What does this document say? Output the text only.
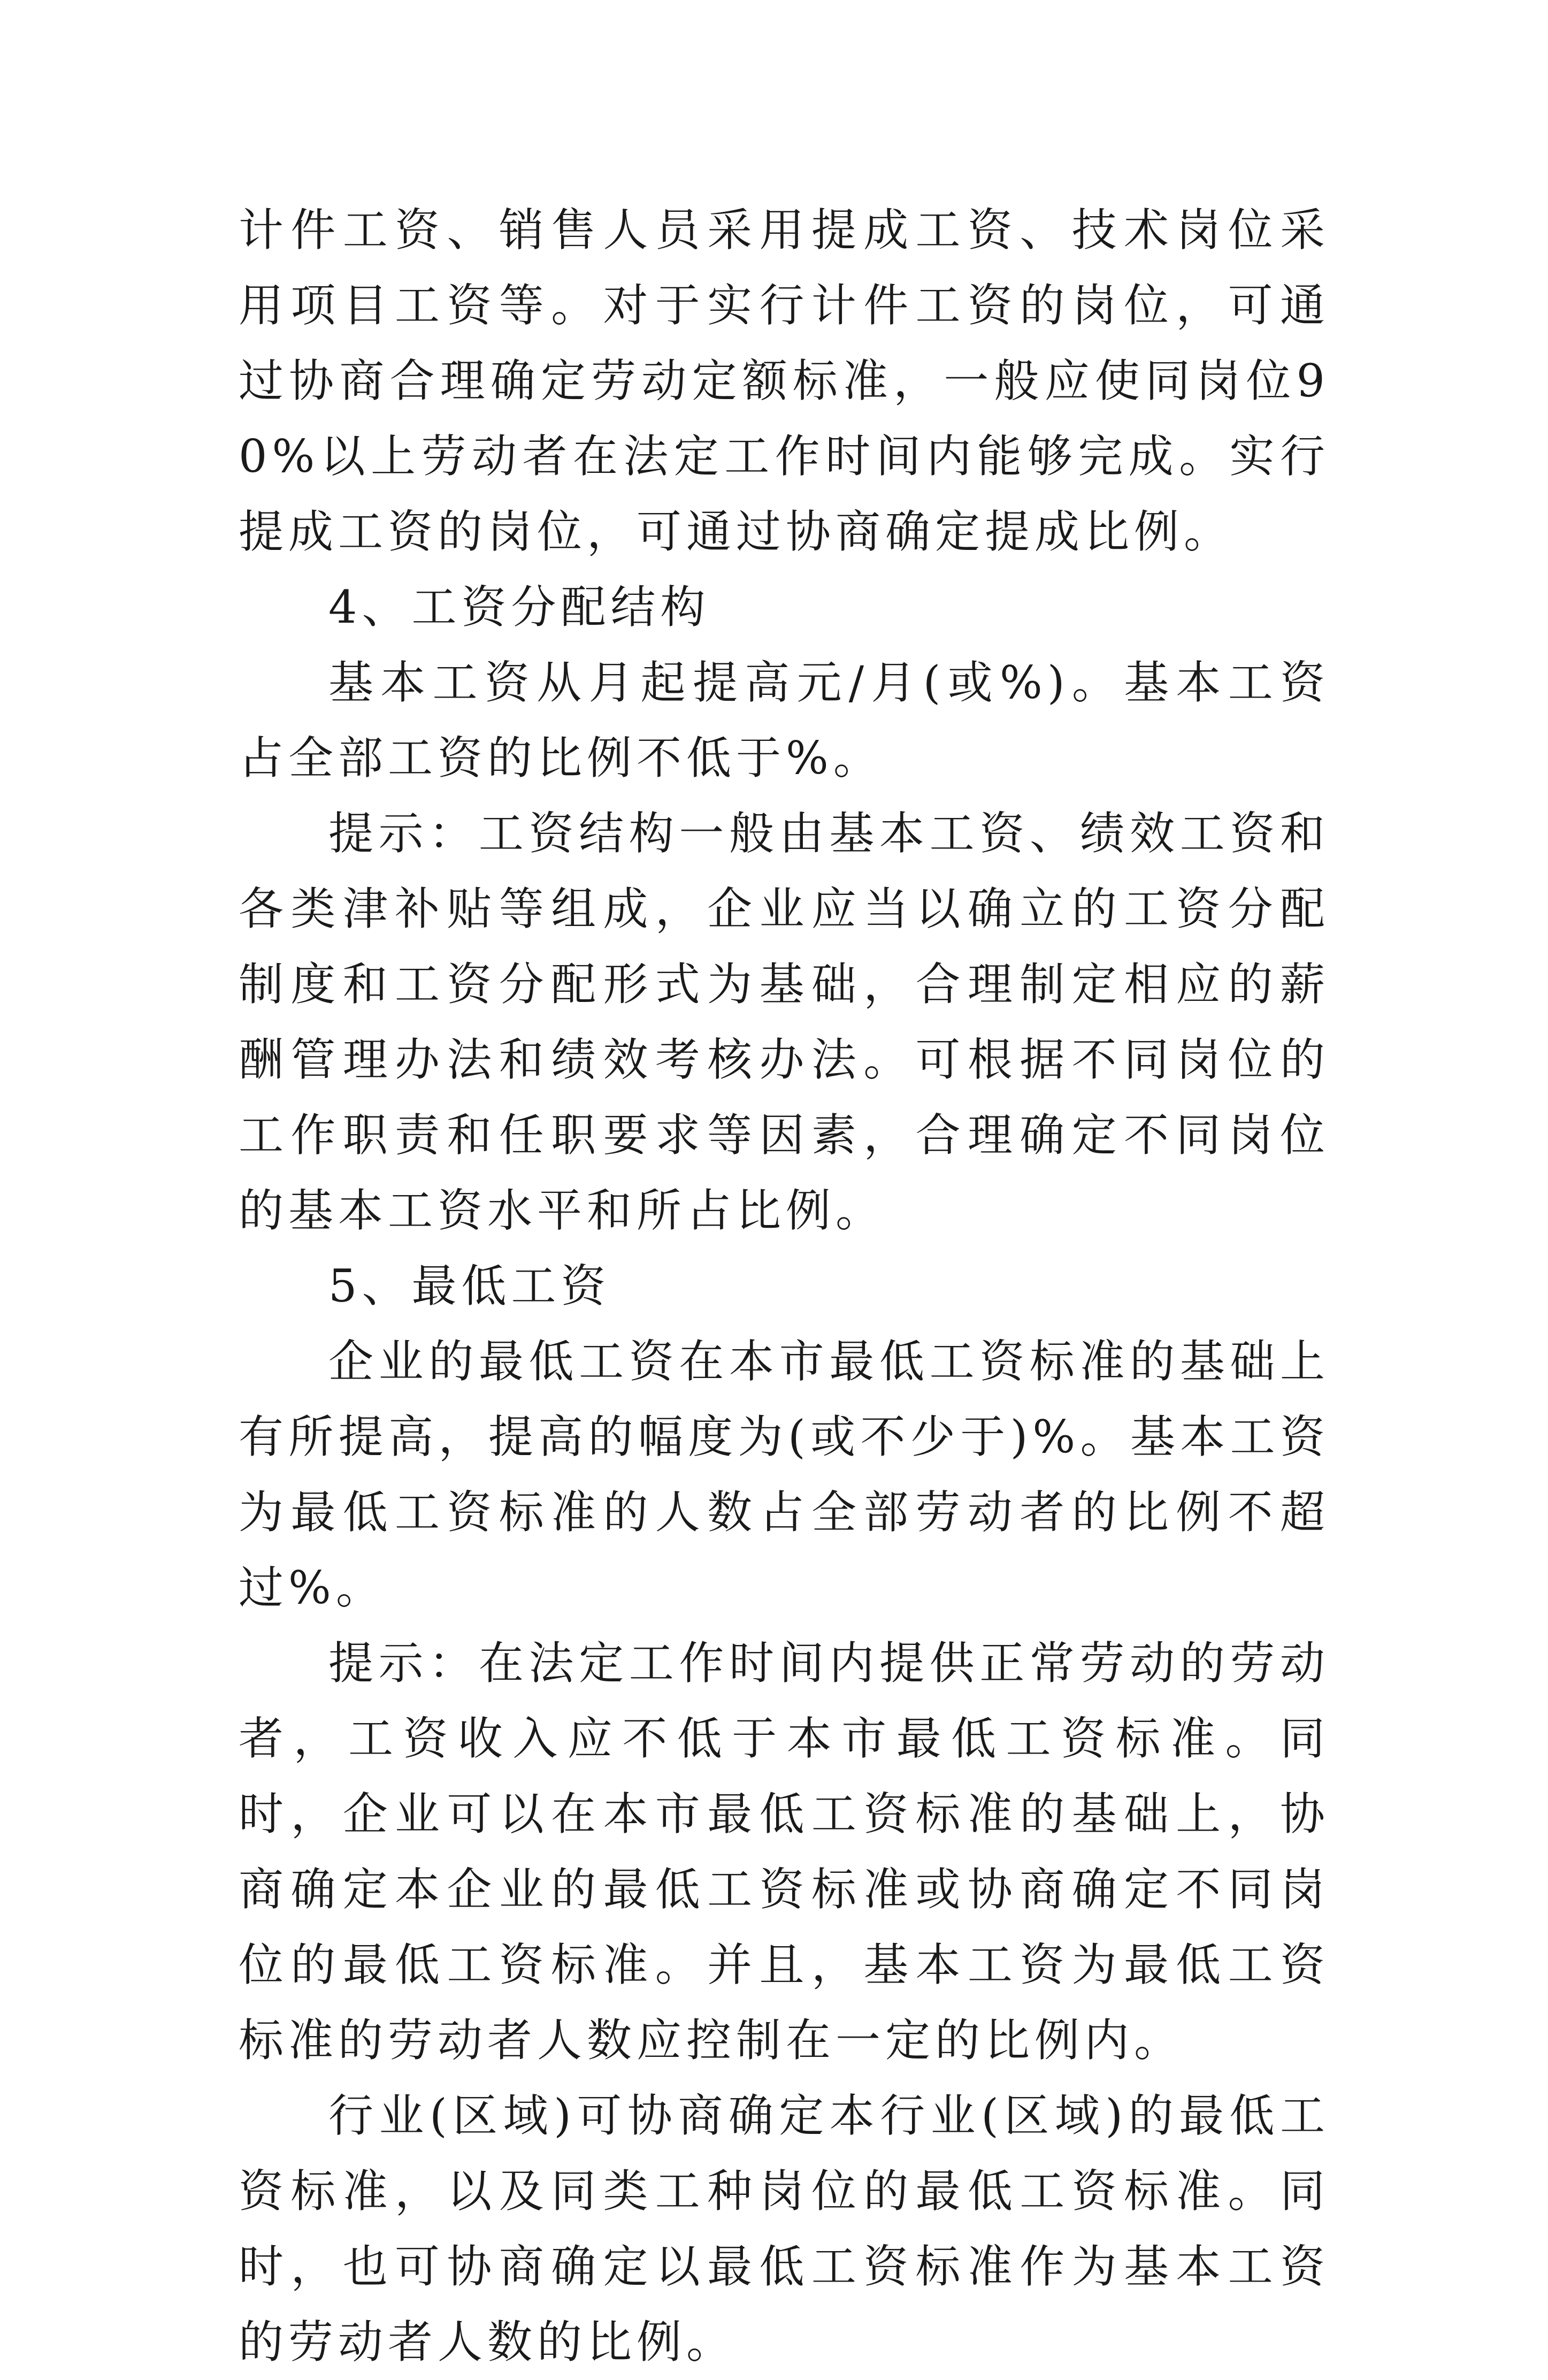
计件工资、销售人员采用提成工资、技术岗位采用项目工资等。对于实行计件工资的岗位，可通过协商合理确定劳动定额标准，一般应使同岗位90%以上劳动者在法定工作时间内能够完成。实行提成工资的岗位，可通过协商确定提成比例。

4、工资分配结构

基本工资从月起提高元/月(或%)。基本工资占全部工资的比例不低于%。

提示：工资结构一般由基本工资、绩效工资和各类津补贴等组成，企业应当以确立的工资分配制度和工资分配形式为基础，合理制定相应的薪酬管理办法和绩效考核办法。可根据不同岗位的工作职责和任职要求等因素，合理确定不同岗位的基本工资水平和所占比例。

5、最低工资

企业的最低工资在本市最低工资标准的基础上有所提高，提高的幅度为(或不少于)%。基本工资为最低工资标准的人数占全部劳动者的比例不超过%。

提示：在法定工作时间内提供正常劳动的劳动者，工资收入应不低于本市最低工资标准。同时，企业可以在本市最低工资标准的基础上，协商确定本企业的最低工资标准或协商确定不同岗位的最低工资标准。并且，基本工资为最低工资标准的劳动者人数应控制在一定的比例内。

行业(区域)可协商确定本行业(区域)的最低工资标准，以及同类工种岗位的最低工资标准。同时，也可协商确定以最低工资标准作为基本工资的劳动者人数的比例。
